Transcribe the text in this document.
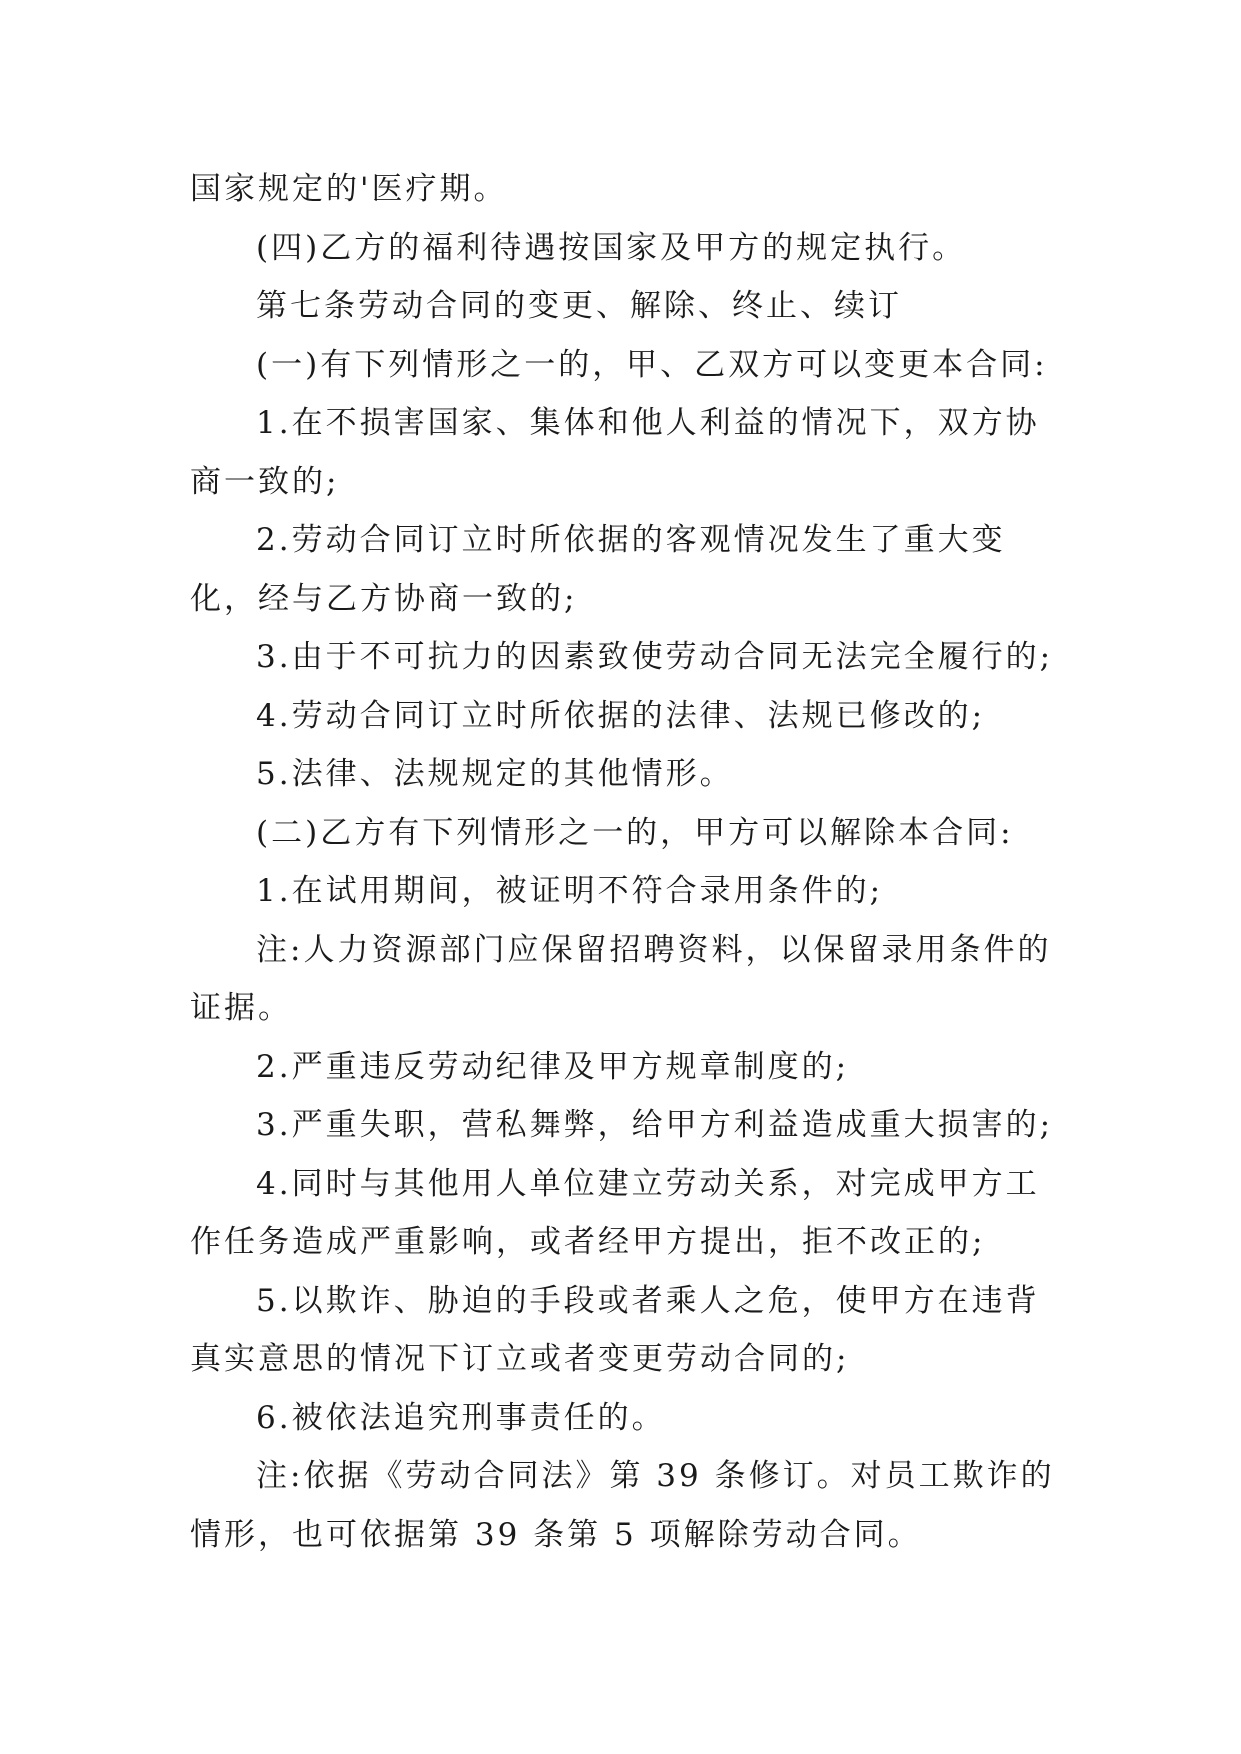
国家规定的'医疗期。

(四)乙方的福利待遇按国家及甲方的规定执行。

第七条劳动合同的变更、解除、终止、续订

(一)有下列情形之一的，甲、乙双方可以变更本合同:

1.在不损害国家、集体和他人利益的情况下，双方协商一致的;

2.劳动合同订立时所依据的客观情况发生了重大变化，经与乙方协商一致的;

3.由于不可抗力的因素致使劳动合同无法完全履行的;

4.劳动合同订立时所依据的法律、法规已修改的;

5.法律、法规规定的其他情形。

(二)乙方有下列情形之一的，甲方可以解除本合同:

1.在试用期间，被证明不符合录用条件的;

注:人力资源部门应保留招聘资料，以保留录用条件的证据。

2.严重违反劳动纪律及甲方规章制度的;

3.严重失职，营私舞弊，给甲方利益造成重大损害的;

4.同时与其他用人单位建立劳动关系，对完成甲方工作任务造成严重影响，或者经甲方提出，拒不改正的;

5.以欺诈、胁迫的手段或者乘人之危，使甲方在违背真实意思的情况下订立或者变更劳动合同的;

6.被依法追究刑事责任的。

注:依据《劳动合同法》第 39 条修订。对员工欺诈的情形，也可依据第 39 条第 5 项解除劳动合同。
